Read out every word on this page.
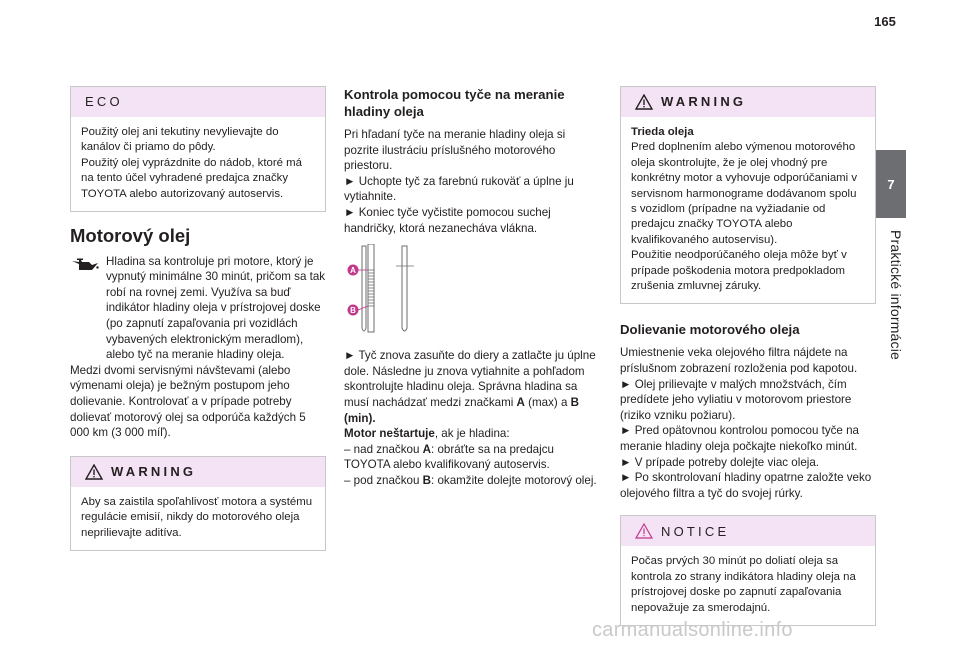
165
7
Praktické informácie
ECO

Použitý olej ani tekutiny nevylievajte do kanálov či priamo do pôdy.

Použitý olej vyprázdnite do nádob, ktoré má na tento účel vyhradené predajca značky TOYOTA alebo autorizovaný autoservis.

Motorový olej

Hladina sa kontroluje pri motore, ktorý je vypnutý minimálne 30 minút, pričom sa tak robí na rovnej zemi. Využíva sa buď indikátor hladiny oleja v prístrojovej doske (po zapnutí zapaľovania pri vozidlách vybavených elektronickým meradlom), alebo tyč na meranie hladiny oleja.

Medzi dvomi servisnými návštevami (alebo výmenami oleja) je bežným postupom jeho dolievanie. Kontrolovať a v prípade potreby dolievať motorový olej sa odporúča každých 5 000 km (3 000 míľ).

WARNING

Aby sa zaistila spoľahlivosť motora a systému regulácie emisií, nikdy do motorového oleja neprilievajte aditíva.

Kontrola pomocou tyče na meranie hladiny oleja

Pri hľadaní tyče na meranie hladiny oleja si pozrite ilustráciu príslušného motorového priestoru.

► Uchopte tyč za farebnú rukoväť a úplne ju vytiahnite.

► Koniec tyče vyčistite pomocou suchej handričky, ktorá nezanecháva vlákna.

A
B

► Tyč znova zasuňte do diery a zatlačte ju úplne dole. Následne ju znova vytiahnite a pohľadom skontrolujte hladinu oleja. Správna hladina sa musí nachádzať medzi značkami A (max) a B (min).

Motor neštartuje, ak je hladina:

– nad značkou A: obráťte sa na predajcu TOYOTA alebo kvalifikovaný autoservis.

– pod značkou B: okamžite dolejte motorový olej.

WARNING

Trieda oleja

Pred doplnením alebo výmenou motorového oleja skontrolujte, že je olej vhodný pre konkrétny motor a vyhovuje odporúčaniami v servisnom harmonograme dodávanom spolu s vozidlom (prípadne na vyžiadanie od predajcu značky TOYOTA alebo kvalifikovaného autoservisu).

Použitie neodporúčaného oleja môže byť v prípade poškodenia motora predpokladom zrušenia zmluvnej záruky.

Dolievanie motorového oleja

Umiestnenie veka olejového filtra nájdete na príslušnom zobrazení rozloženia pod kapotou.

► Olej prilievajte v malých množstvách, čím predídete jeho vyliatiu v motorovom priestore (riziko vzniku požiaru).

► Pred opätovnou kontrolou pomocou tyče na meranie hladiny oleja počkajte niekoľko minút.

► V prípade potreby dolejte viac oleja.

► Po skontrolovaní hladiny opatrne založte veko olejového filtra a tyč do svojej rúrky.

NOTICE

Počas prvých 30 minút po doliatí oleja sa kontrola zo strany indikátora hladiny oleja na prístrojovej doske po zapnutí zapaľovania nepovažuje za smerodajnú.

carmanualsonline.info
